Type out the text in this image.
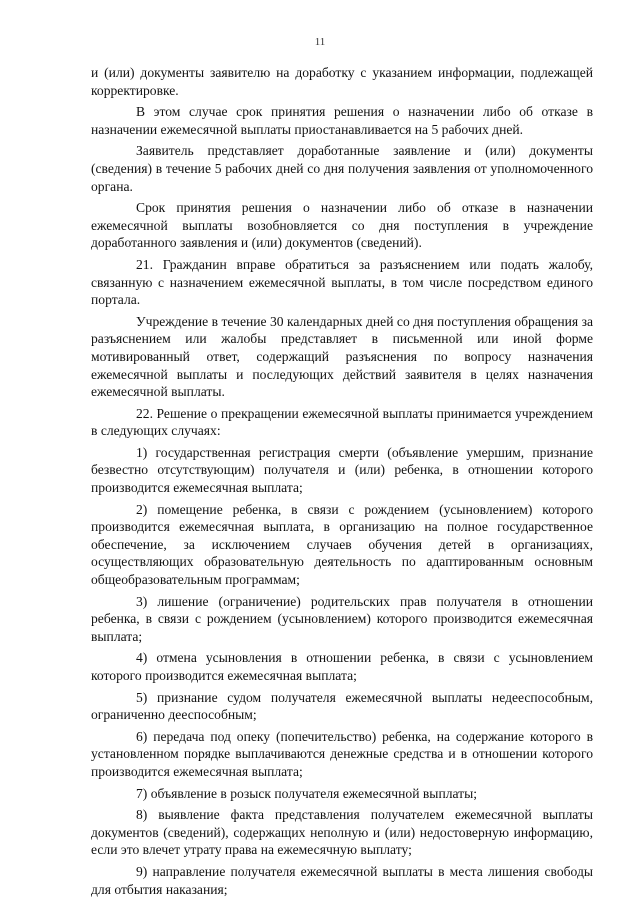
11

и (или) документы заявителю на доработку с указанием информации, подлежащей корректировке.

В этом случае срок принятия решения о назначении либо об отказе в назначении ежемесячной выплаты приостанавливается на 5 рабочих дней.

Заявитель представляет доработанные заявление и (или) документы (сведения) в течение 5 рабочих дней со дня получения заявления от уполномоченного органа.

Срок принятия решения о назначении либо об отказе в назначении ежемесячной выплаты возобновляется со дня поступления в учреждение доработанного заявления и (или) документов (сведений).

21. Гражданин вправе обратиться за разъяснением или подать жалобу, связанную с назначением ежемесячной выплаты, в том числе посредством единого портала.

Учреждение в течение 30 календарных дней со дня поступления обращения за разъяснением или жалобы представляет в письменной или иной форме мотивированный ответ, содержащий разъяснения по вопросу назначения ежемесячной выплаты и последующих действий заявителя в целях назначения ежемесячной выплаты.

22. Решение о прекращении ежемесячной выплаты принимается учреждением в следующих случаях:

1) государственная регистрация смерти (объявление умершим, признание безвестно отсутствующим) получателя и (или) ребенка, в отношении которого производится ежемесячная выплата;

2) помещение ребенка, в связи с рождением (усыновлением) которого производится ежемесячная выплата, в организацию на полное государственное обеспечение, за исключением случаев обучения детей в организациях, осуществляющих образовательную деятельность по адаптированным основным общеобразовательным программам;

3) лишение (ограничение) родительских прав получателя в отношении ребенка, в связи с рождением (усыновлением) которого производится ежемесячная выплата;

4) отмена усыновления в отношении ребенка, в связи с усыновлением которого производится ежемесячная выплата;

5) признание судом получателя ежемесячной выплаты недееспособным, ограниченно дееспособным;

6) передача под опеку (попечительство) ребенка, на содержание которого в установленном порядке выплачиваются денежные средства и в отношении которого производится ежемесячная выплата;

7) объявление в розыск получателя ежемесячной выплаты;

8) выявление факта представления получателем ежемесячной выплаты документов (сведений), содержащих неполную и (или) недостоверную информацию, если это влечет утрату права на ежемесячную выплату;

9) направление получателя ежемесячной выплаты в места лишения свободы для отбытия наказания;
